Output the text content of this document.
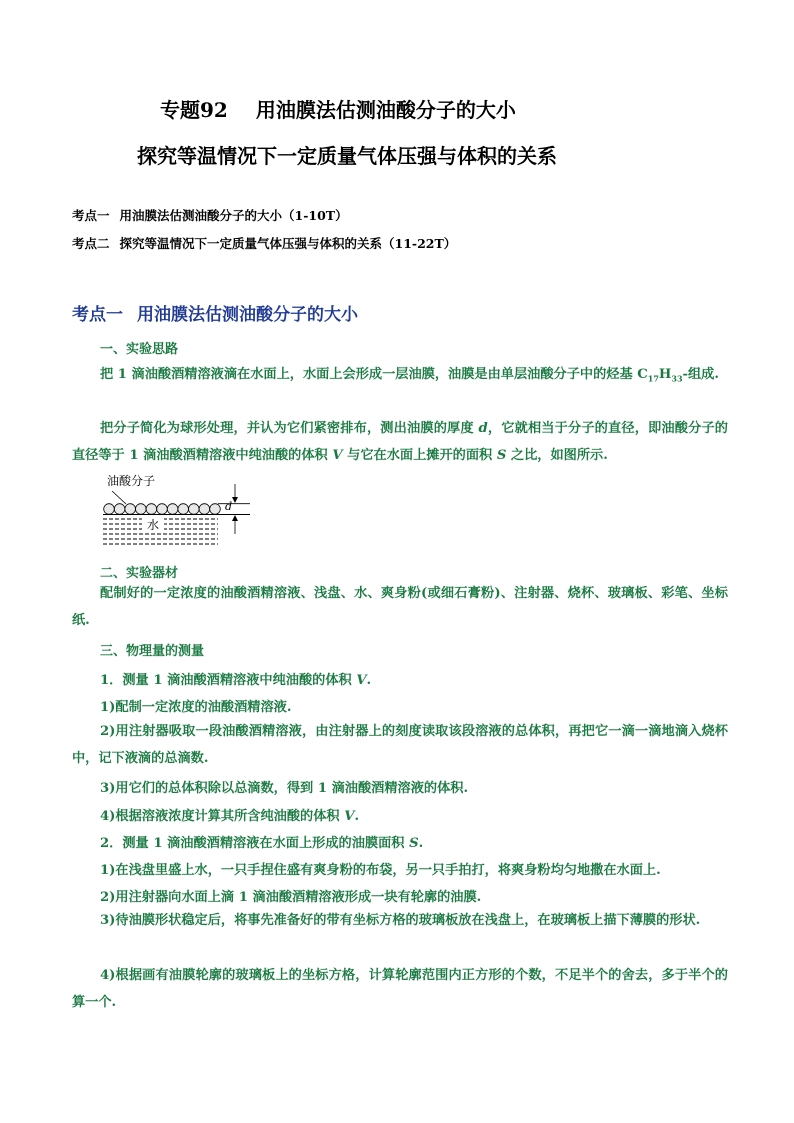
专题92 用油膜法估测油酸分子的大小
探究等温情况下一定质量气体压强与体积的关系
考点一 用油膜法估测油酸分子的大小（1-10T）
考点二 探究等温情况下一定质量气体压强与体积的关系（11-22T）
考点一 用油膜法估测油酸分子的大小
一、实验思路
把 1 滴油酸酒精溶液滴在水面上，水面上会形成一层油膜，油膜是由单层油酸分子中的烃基 $C_{17}H_{33}-$组成.
把分子简化为球形处理，并认为它们紧密排布，测出油膜的厚度 d，它就相当于分子的直径，即油酸分子的直径等于 1 滴油酸酒精溶液中纯油酸的体积 V 与它在水面上摊开的面积 S 之比，如图所示.
油酸分子
水
d
二、实验器材
配制好的一定浓度的油酸酒精溶液、浅盘、水、爽身粉(或细石膏粉)、注射器、烧杯、玻璃板、彩笔、坐标纸.
三、物理量的测量
1．测量 1 滴油酸酒精溶液中纯油酸的体积 V.
1)配制一定浓度的油酸酒精溶液.
2)用注射器吸取一段油酸酒精溶液，由注射器上的刻度读取该段溶液的总体积，再把它一滴一滴地滴入烧杯中，记下液滴的总滴数.
3)用它们的总体积除以总滴数，得到 1 滴油酸酒精溶液的体积.
4)根据溶液浓度计算其所含纯油酸的体积 V.
2．测量 1 滴油酸酒精溶液在水面上形成的油膜面积 S.
1)在浅盘里盛上水，一只手捏住盛有爽身粉的布袋，另一只手拍打，将爽身粉均匀地撒在水面上.
2)用注射器向水面上滴 1 滴油酸酒精溶液形成一块有轮廓的油膜.
3)待油膜形状稳定后，将事先准备好的带有坐标方格的玻璃板放在浅盘上，在玻璃板上描下薄膜的形状.
4)根据画有油膜轮廓的玻璃板上的坐标方格，计算轮廓范围内正方形的个数，不足半个的舍去，多于半个的算一个.
